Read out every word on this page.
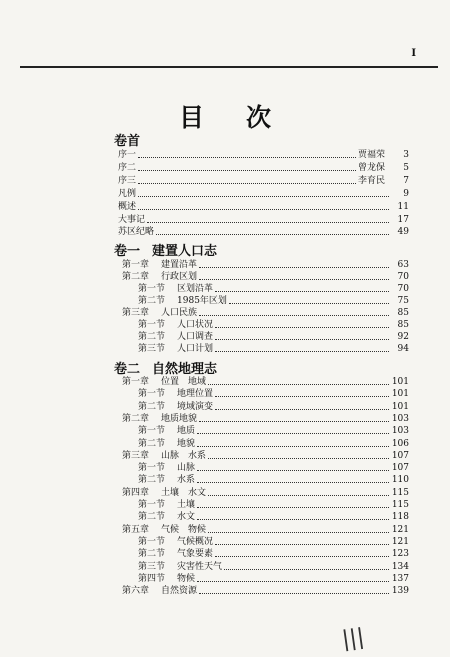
I
目次
卷首
序一	贾福荣	3
序二	曾龙保	5
序三	李育民	7
凡例	9
概述	11
大事记	17
苏区纪略	49
卷一 建置人口志
第一章 建置沿革	63
第二章 行政区划	70
第一节 区划沿革	70
第二节 1985年区划	75
第三章 人口民族	85
第一节 人口状况	85
第二节 人口调查	92
第三节 人口计划	94
卷二 自然地理志
第一章 位置　地域	101
第一节 地理位置	101
第二节 境域演变	101
第二章 地质地貌	103
第一节 地质	103
第二节 地貌	106
第三章 山脉　水系	107
第一节 山脉	107
第二节 水系	110
第四章 土壤　水文	115
第一节 土壤	115
第二节 水文	118
第五章 气候　物候	121
第一节 气候概况	121
第二节 气象要素	123
第三节 灾害性天气	134
第四节 物候	137
第六章 自然资源	139
|||
